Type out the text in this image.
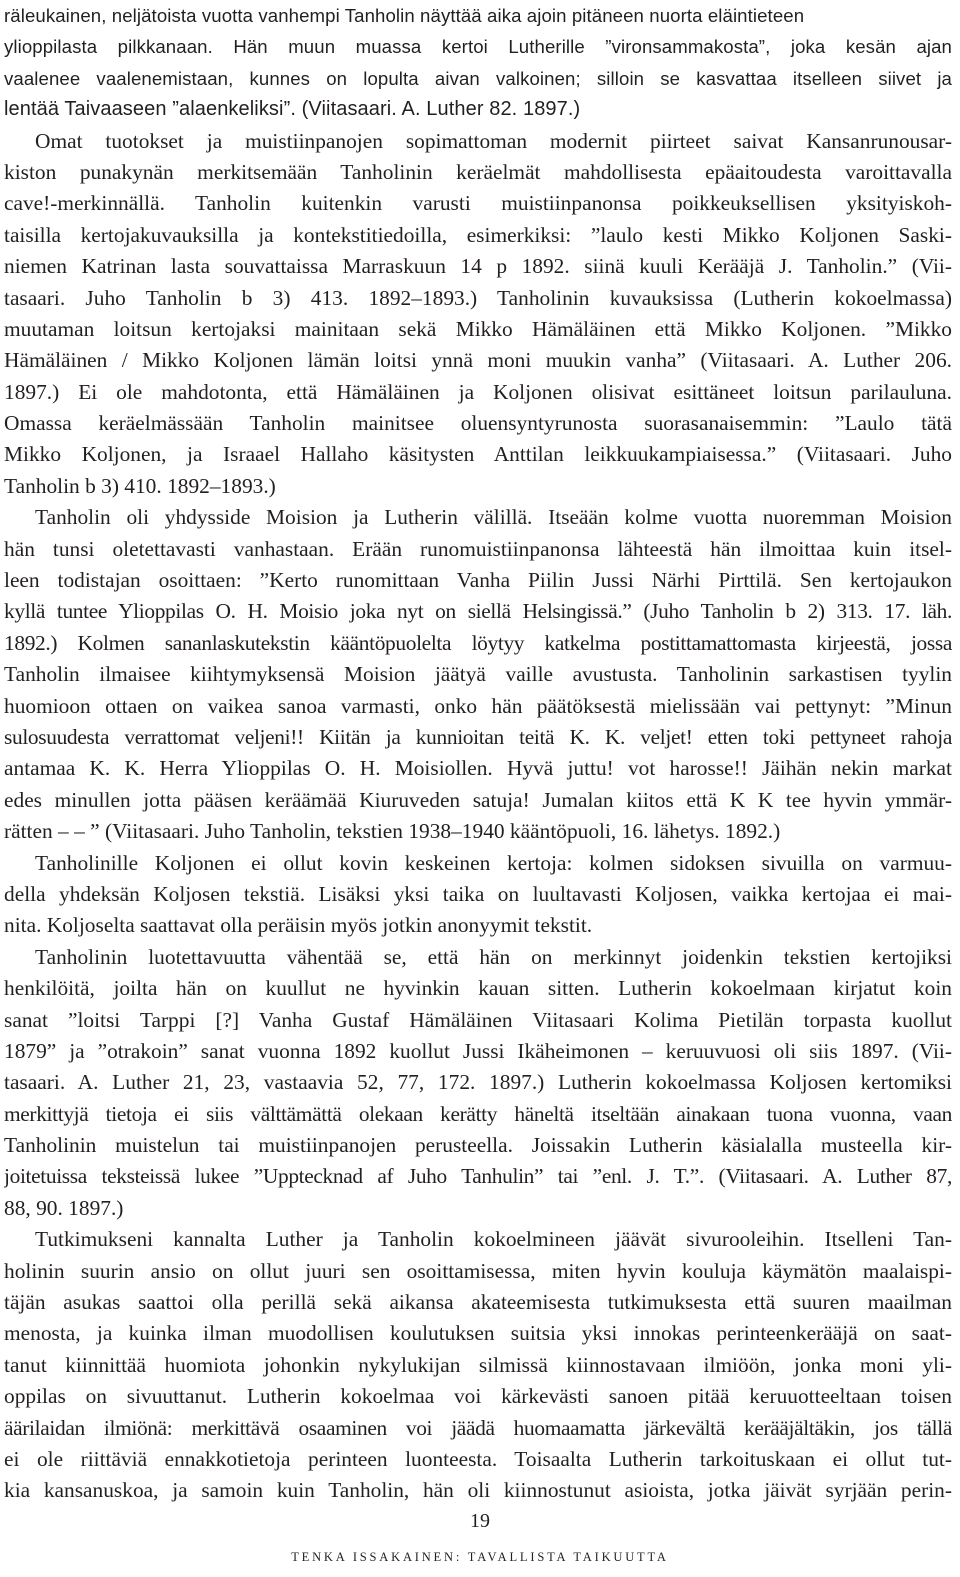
räleukainen, neljätoista vuotta vanhempi Tanholin näyttää aika ajoin pitäneen nuorta eläintieteen
ylioppilasta pilkkanaan. Hän muun muassa kertoi Lutherille ”vironsammakosta”, joka kesän ajan
vaalenee vaalenemistaan, kunnes on lopulta aivan valkoinen; silloin se kasvattaa itselleen siivet ja
lentää Taivaaseen ”alaenkeliksi”. (Viitasaari. A. Luther 82. 1897.)
Omat tuotokset ja muistiinpanojen sopimattoman modernit piirteet saivat Kansanrunousar-
kiston punakynän merkitsemään Tanholinin keräelmät mahdollisesta epäaitoudesta varoittavalla
cave!-merkinnällä. Tanholin kuitenkin varusti muistiinpanonsa poikkeuksellisen yksityiskoh-
taisilla kertojakuvauksilla ja kontekstitiedoilla, esimerkiksi: ”laulo kesti Mikko Koljonen Saski-
niemen Katrinan lasta souvattaissa Marraskuun 14 p 1892. siinä kuuli Kerääjä J. Tanholin.” (Vii-
tasaari. Juho Tanholin b 3) 413. 1892–1893.) Tanholinin kuvauksissa (Lutherin kokoelmassa)
muutaman loitsun kertojaksi mainitaan sekä Mikko Hämäläinen että Mikko Koljonen. ”Mikko
Hämäläinen / Mikko Koljonen lämän loitsi ynnä moni muukin vanha” (Viitasaari. A. Luther 206.
1897.) Ei ole mahdotonta, että Hämäläinen ja Koljonen olisivat esittäneet loitsun parilauluna.
Omassa keräelmässään Tanholin mainitsee oluensyntyrunosta suorasanaisemmin: ”Laulo tätä
Mikko Koljonen, ja Israael Hallaho käsitysten Anttilan leikkuukampiaisessa.” (Viitasaari. Juho
Tanholin b 3) 410. 1892–1893.)
Tanholin oli yhdysside Moision ja Lutherin välillä. Itseään kolme vuotta nuoremman Moision
hän tunsi oletettavasti vanhastaan. Erään runomuistiinpanonsa lähteestä hän ilmoittaa kuin itsel-
leen todistajan osoittaen: ”Kerto runomittaan Vanha Piilin Jussi Närhi Pirttilä. Sen kertojaukon
kyllä tuntee Ylioppilas O. H. Moisio joka nyt on siellä Helsingissä.” (Juho Tanholin b 2) 313. 17. läh.
1892.) Kolmen sananlaskutekstin kääntöpuolelta löytyy katkelma postittamattomasta kirjeestä, jossa
Tanholin ilmaisee kiihtymyksensä Moision jäätyä vaille avustusta. Tanholinin sarkastisen tyylin
huomioon ottaen on vaikea sanoa varmasti, onko hän päätöksestä mielissään vai pettynyt: ”Minun
sulosuudesta verrattomat veljeni!! Kiitän ja kunnioitan teitä K. K. veljet! etten toki pettyneet rahoja
antamaa K. K. Herra Ylioppilas O. H. Moisiollen. Hyvä juttu! vot harosse!! Jäihän nekin markat
edes minullen jotta pääsen keräämää Kiuruveden satuja! Jumalan kiitos että K K tee hyvin ymmär-
rätten – – ” (Viitasaari. Juho Tanholin, tekstien 1938–1940 kääntöpuoli, 16. lähetys. 1892.)
Tanholinille Koljonen ei ollut kovin keskeinen kertoja: kolmen sidoksen sivuilla on varmuu-
della yhdeksän Koljosen tekstiä. Lisäksi yksi taika on luultavasti Koljosen, vaikka kertojaa ei mai-
nita. Koljoselta saattavat olla peräisin myös jotkin anonyymit tekstit.
Tanholinin luotettavuutta vähentää se, että hän on merkinnyt joidenkin tekstien kertojiksi
henkilöitä, joilta hän on kuullut ne hyvinkin kauan sitten. Lutherin kokoelmaan kirjatut koin
sanat ”loitsi Tarppi [?] Vanha Gustaf Hämäläinen Viitasaari Kolima Pietilän torpasta kuollut
1879” ja ”otrakoin” sanat vuonna 1892 kuollut Jussi Ikäheimonen – keruuvuosi oli siis 1897. (Vii-
tasaari. A. Luther 21, 23, vastaavia 52, 77, 172. 1897.) Lutherin kokoelmassa Koljosen kertomiksi
merkittyjä tietoja ei siis välttämättä olekaan kerätty häneltä itseltään ainakaan tuona vuonna, vaan
Tanholinin muistelun tai muistiinpanojen perusteella. Joissakin Lutherin käsialalla musteella kir-
joitetuissa teksteissä lukee ”Upptecknad af Juho Tanhulin” tai ”enl. J. T.”. (Viitasaari. A. Luther 87,
88, 90. 1897.)
Tutkimukseni kannalta Luther ja Tanholin kokoelmineen jäävät sivurooleihin. Itselleni Tan-
holinin suurin ansio on ollut juuri sen osoittamisessa, miten hyvin kouluja käymätön maalaispi-
täjän asukas saattoi olla perillä sekä aikansa akateemisesta tutkimuksesta että suuren maailman
menosta, ja kuinka ilman muodollisen koulutuksen suitsia yksi innokas perinteenkerääjä on saat-
tanut kiinnittää huomiota johonkin nykylukijan silmissä kiinnostavaan ilmiöön, jonka moni yli-
oppilas on sivuuttanut. Lutherin kokoelmaa voi kärkevästi sanoen pitää keruuotteeltaan toisen
äärilaidan ilmiönä: merkittävä osaaminen voi jäädä huomaamatta järkevältä kerääjältäkin, jos tällä
ei ole riittäviä ennakkotietoja perinteen luonteesta. Toisaalta Lutherin tarkoituskaan ei ollut tut-
kia kansanuskoa, ja samoin kuin Tanholin, hän oli kiinnostunut asioista, jotka jäivät syrjään perin-
19
TENKA ISSAKAINEN: TAVALLISTA TAIKUUTTA
